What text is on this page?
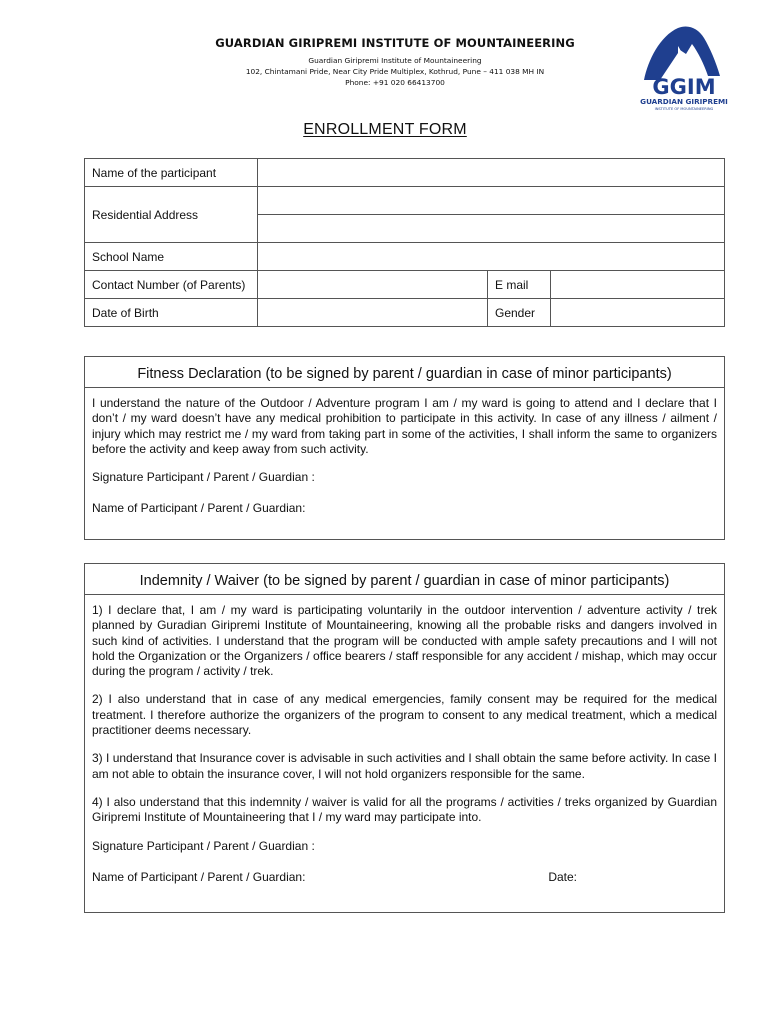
GUARDIAN GIRIPREMI INSTITUTE OF MOUNTAINEERING
Guardian Giripremi Institute of Mountaineering
102, Chintamani Pride, Near City Pride Multiplex, Kothrud, Pune – 411 038 MH IN
Phone: +91 020 66413700	GGIM
GUARDIAN GIRIPREMI
INSTITUTE OF MOUNTAINEERING
ENROLLMENT FORM
Name of the participant			
Residential Address			

School Name			
Contact Number (of Parents)		E mail	
Date of Birth		Gender	
Fitness Declaration (to be signed by parent / guardian in case of minor participants)
I understand the nature of the Outdoor / Adventure program I am / my ward is going to attend and I declare that I don’t / my ward doesn’t have any medical prohibition to participate in this activity. In case of any illness / ailment / injury which may restrict me / my ward from taking part in some of the activities, I shall inform the same to organizers before the activity and keep away from such activity.
Signature Participant / Parent / Guardian :
Name of Participant / Parent / Guardian:
Indemnity / Waiver (to be signed by parent / guardian in case of minor participants)
1) I declare that, I am / my ward is participating voluntarily in the outdoor intervention / adventure activity / trek planned by Guradian Giripremi Institute of Mountaineering, knowing all the probable risks and dangers involved in such kind of activities. I understand that the program will be conducted with ample safety precautions and I will not hold the Organization or the Organizers / office bearers / staff responsible for any accident / mishap, which may occur during the program / activity / trek.
2) I also understand that in case of any medical emergencies, family consent may be required for the medical treatment. I therefore authorize the organizers of the program to consent to any medical treatment, which a medical practitioner deems necessary.
3) I understand that Insurance cover is advisable in such activities and I shall obtain the same before activity. In case I am not able to obtain the insurance cover, I will not hold organizers responsible for the same.
4) I also understand that this indemnity / waiver is valid for all the programs / activities / treks organized by Guardian Giripremi Institute of Mountaineering that I / my ward may participate into.
Signature Participant / Parent / Guardian :
Name of Participant / Parent / Guardian:	Date:
